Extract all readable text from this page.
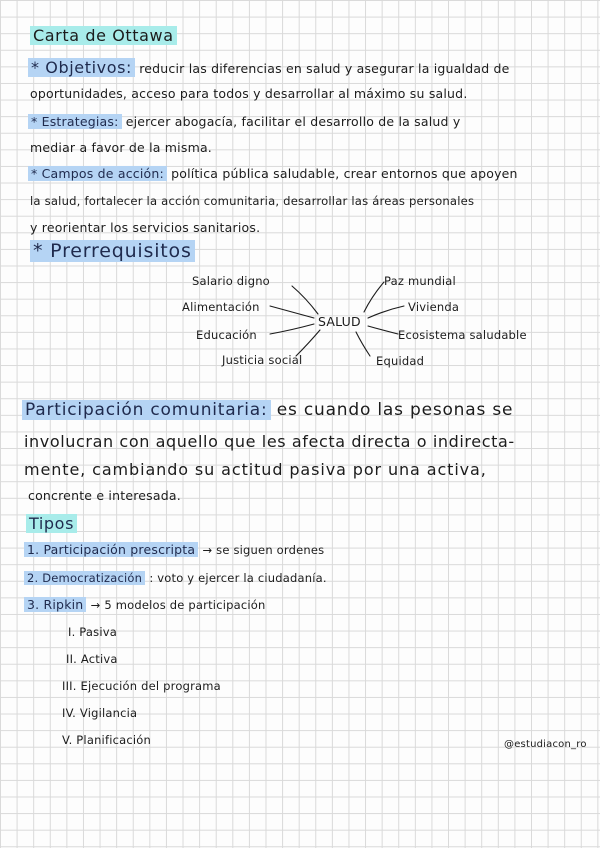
Carta de Ottawa
* Objetivos: reducir las diferencias en salud y asegurar la igualdad de
oportunidades, acceso para todos y desarrollar al máximo su salud.
* Estrategias: ejercer abogacía, facilitar el desarrollo de la salud y
mediar a favor de la misma.
* Campos de acción: política pública saludable, crear entornos que apoyen
la salud, fortalecer la acción comunitaria, desarrollar las áreas personales
y reorientar los servicios sanitarios.
* Prerrequisitos
SALUD
Salario digno
Alimentación
Educación
Justicia social
Paz mundial
Vivienda
Ecosistema saludable
Equidad
Participación comunitaria: es cuando las pesonas se
involucran con aquello que les afecta directa o indirecta-
mente, cambiando su actitud pasiva por una activa,
concrente e interesada.
Tipos
1. Participación prescripta → se siguen ordenes
2. Democratización : voto y ejercer la ciudadanía.
3. Ripkin → 5 modelos de participación
I. Pasiva
II. Activa
III. Ejecución del programa
IV. Vigilancia
V. Planificación	@estudiacon_ro
